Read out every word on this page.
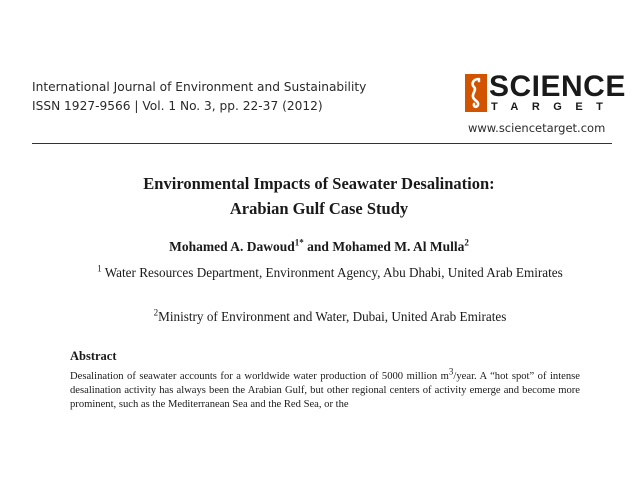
International Journal of Environment and Sustainability
ISSN 1927-9566 | Vol. 1 No. 3, pp. 22-37 (2012)
SCIENCE
TARGET
www.sciencetarget.com
Environmental Impacts of Seawater Desalination:
Arabian Gulf Case Study
Mohamed A. Dawoud$^{1*}$ and Mohamed M. Al Mulla$^2$
$^1$ Water Resources Department, Environment Agency, Abu Dhabi, United Arab Emirates
$^2$Ministry of Environment and Water, Dubai, United Arab Emirates
Abstract
Desalination of seawater accounts for a worldwide water production of 5000 million $m^3$/year. A “hot spot” of intense desalination activity has always been the Arabian Gulf, but other regional centers of activity emerge and become more prominent, such as the Mediterranean Sea and the Red Sea, or the
